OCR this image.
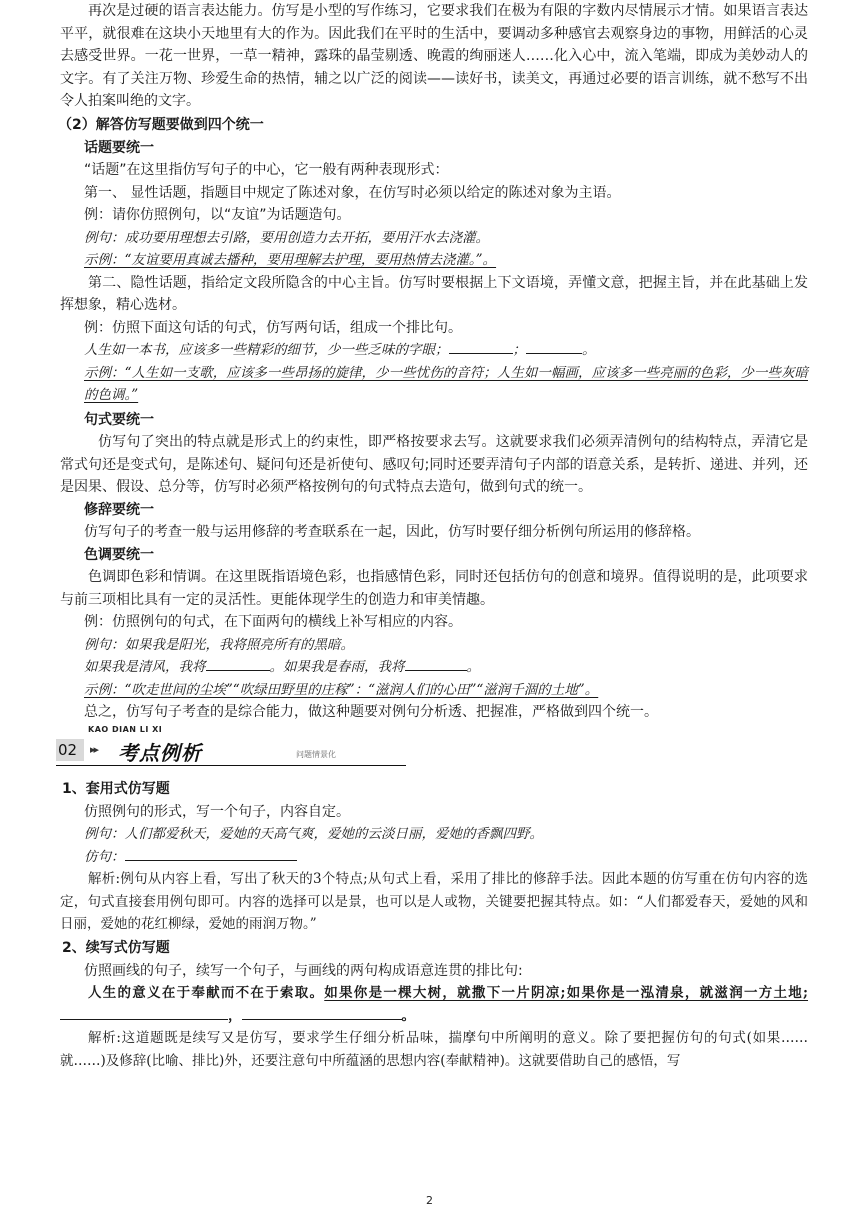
再次是过硬的语言表达能力。仿写是小型的写作练习，它要求我们在极为有限的字数内尽情展示才情。如果语言表达平平，就很难在这块小天地里有大的作为。因此我们在平时的生活中，要调动多种感官去观察身边的事物，用鲜活的心灵去感受世界。一花一世界，一草一精神，露珠的晶莹剔透、晚霞的绚丽迷人……化入心中，流入笔端，即成为美妙动人的文字。有了关注万物、珍爱生命的热情，辅之以广泛的阅读——读好书，读美文，再通过必要的语言训练，就不愁写不出令人拍案叫绝的文字。

（2）解答仿写题要做到四个统一

话题要统一

“话题”在这里指仿写句子的中心，它一般有两种表现形式：

第一、 显性话题，指题目中规定了陈述对象，在仿写时必须以给定的陈述对象为主语。

例：请你仿照例句，以“友谊”为话题造句。

例句：成功要用理想去引路，要用创造力去开拓，要用汗水去浇灌。

示例：“友谊要用真诚去播种，要用理解去护理，要用热情去浇灌。”。

第二、隐性话题，指给定文段所隐含的中心主旨。仿写时要根据上下文语境，弄懂文意，把握主旨，并在此基础上发挥想象，精心选材。

例：仿照下面这句话的句式，仿写两句话，组成一个排比句。

人生如一本书，应该多一些精彩的细节，少一些乏味的字眼；	；	。

示例：“人生如一支歌，应该多一些昂扬的旋律，少一些忧伤的音符；人生如一幅画，应该多一些亮丽的色彩，少一些灰暗的色调。”

句式要统一

仿写句了突出的特点就是形式上的约束性，即严格按要求去写。这就要求我们必须弄清例句的结构特点，弄清它是常式句还是变式句，是陈述句、疑问句还是祈使句、感叹句;同时还要弄清句子内部的语意关系，是转折、递进、并列，还是因果、假设、总分等，仿写时必须严格按例句的句式特点去造句，做到句式的统一。

修辞要统一

仿写句子的考查一般与运用修辞的考查联系在一起，因此，仿写时要仔细分析例句所运用的修辞格。

色调要统一

色调即色彩和情调。在这里既指语境色彩，也指感情色彩，同时还包括仿句的创意和境界。值得说明的是，此项要求与前三项相比具有一定的灵活性。更能体现学生的创造力和审美情趣。

例：仿照例句的句式，在下面两句的横线上补写相应的内容。

例句：如果我是阳光，我将照亮所有的黑暗。

如果我是清风，我将	。如果我是春雨，我将	。

示例：“吹走世间的尘埃”“吹绿田野里的庄稼”：“滋润人们的心田”“滋润千涸的土地”。

总之，仿写句子考查的是综合能力，做这种题要对例句分析透、把握准，严格做到四个统一。

KAO DIAN LI XI
02	▸▸ 考点例析	问题情景化

1、套用式仿写题

仿照例句的形式，写一个句子，内容自定。

例句：人们都爱秋天，爱她的天高气爽，爱她的云淡日丽，爱她的香飘四野。

仿句：

解析:例句从内容上看，写出了秋天的3个特点;从句式上看，采用了排比的修辞手法。因此本题的仿写重在仿句内容的选定，句式直接套用例句即可。内容的选择可以是景，也可以是人或物，关键要把握其特点。如：“人们都爱春天，爱她的风和日丽，爱她的花红柳绿，爱她的雨润万物。”

2、续写式仿写题

仿照画线的句子，续写一个句子，与画线的两句构成语意连贯的排比句:

人生的意义在于奉献而不在于索取。如果你是一棵大树，就撒下一片阴凉;如果你是一泓清泉，就滋润一方土地;，	。

解析:这道题既是续写又是仿写，要求学生仔细分析品味，揣摩句中所阐明的意义。除了要把握仿句的句式(如果……就……)及修辞(比喻、排比)外，还要注意句中所蕴涵的思想内容(奉献精神)。这就要借助自己的感悟，写

2
